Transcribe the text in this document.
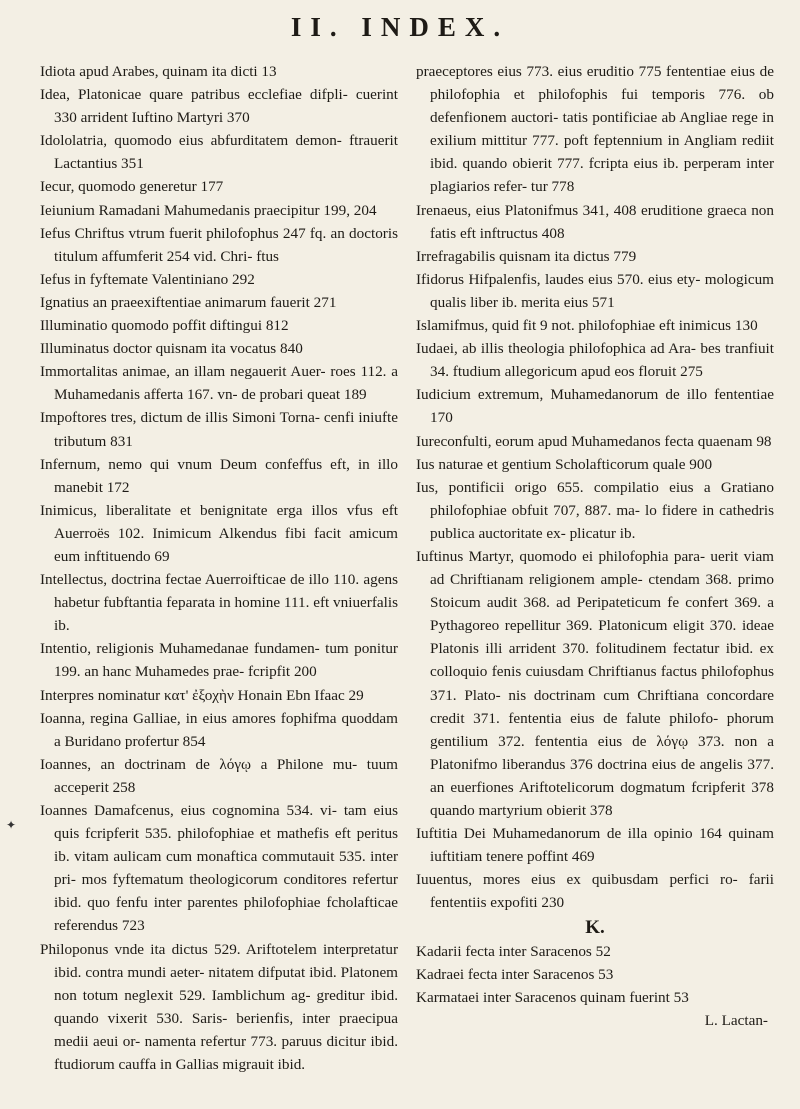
II. INDEX.
Idiota apud Arabes, quinam ita dicti 13
Idea, Platonicae quare patribus ecclefiae difpli- cuerint 330 arrident Iuftino Martyri 370
Idololatria, quomodo eius abfurditatem demon- ftrauerit Lactantius 351
Iecur, quomodo generetur 177
Ieiunium Ramadani Mahumedanis praecipitur 199, 204
Iefus Chriftus vtrum fuerit philofophus 247 fq. an doctoris titulum affumferit 254 vid. Chri- ftus
Iefus in fyftemate Valentiniano 292
Ignatius an praeexiftentiae animarum fauerit 271
Illuminatio quomodo poffit diftingui 812
Illuminatus doctor quisnam ita vocatus 840
Immortalitas animae, an illam negauerit Auer- roes 112. a Muhamedanis afferta 167. vn- de probari queat 189
Impoftores tres, dictum de illis Simoni Torna- cenfi iniufte tributum 831
Infernum, nemo qui vnum Deum confeffus eft, in illo manebit 172
Inimicus, liberalitate et benignitate erga illos vfus eft Auerroës 102. Inimicum Alkendus fibi facit amicum eum inftituendo 69
Intellectus, doctrina fectae Auerroifticae de illo 110. agens habetur fubftantia feparata in homine 111. eft vniuerfalis ib.
Intentio, religionis Muhamedanae fundamen- tum ponitur 199. an hanc Muhamedes prae- fcripfit 200
Interpres nominatur κατ' ἐξοχὴν Honain Ebn Ifaac 29
Ioanna, regina Galliae, in eius amores fophifma quoddam a Buridano profertur 854
Ioannes, an doctrinam de λόγῳ a Philone mu- tuum acceperit 258
Ioannes Damafcenus, eius cognomina 534. vi- tam eius quis fcripferit 535. philofophiae et mathefis eft peritus ib. vitam aulicam cum monaftica commutauit 535. inter pri- mos fyftematum theologicorum conditores refertur ibid. quo fenfu inter parentes philofophiae fcholafticae referendus 723
Philoponus vnde ita dictus 529. Ariftotelem interpretatur ibid. contra mundi aeter- nitatem difputat ibid. Platonem non totum neglexit 529. Iamblichum ag- greditur ibid. quando vixerit 530. Saris- berienfis, inter praecipua medii aeui or- namenta refertur 773. paruus dicitur ibid. ftudiorum cauffa in Gallias migrauit ibid.
praeceptores eius 773. eius eruditio 775 fententiae eius de philofophia et philofophis fui temporis 776. ob defenfionem auctori- tatis pontificiae ab Angliae rege in exilium mittitur 777. poft feptennium in Angliam rediit ibid. quando obierit 777. fcripta eius ib. perperam inter plagiarios refer- tur 778
Irenaeus, eius Platonifmus 341, 408 eruditione graeca non fatis eft inftructus 408
Irrefragabilis quisnam ita dictus 779
Ifidorus Hifpalenfis, laudes eius 570. eius ety- mologicum qualis liber ib. merita eius 571
Islamifmus, quid fit 9 not. philofophiae eft inimicus 130
Iudaei, ab illis theologia philofophica ad Ara- bes tranfiuit 34. ftudium allegoricum apud eos floruit 275
Iudicium extremum, Muhamedanorum de illo fententiae 170
Iureconfulti, eorum apud Muhamedanos fecta quaenam 98
Ius naturae et gentium Scholafticorum quale 900
Ius, pontificii origo 655. compilatio eius a Gratiano philofophiae obfuit 707, 887. ma- lo fidere in cathedris publica auctoritate ex- plicatur ib.
Iuftinus Martyr, quomodo ei philofophia para- uerit viam ad Chriftianam religionem ample- ctendam 368. primo Stoicum audit 368. ad Peripateticum fe confert 369. a Pythagoreo repellitur 369. Platonicum eligit 370. ideae Platonis illi arrident 370. folitudinem fectatur ibid. ex colloquio fenis cuiusdam Chriftianus factus philofophus 371. Plato- nis doctrinam cum Chriftiana concordare credit 371. fententia eius de falute philofo- phorum gentilium 372. fententia eius de λόγῳ 373. non a Platonifmo liberandus 376 doctrina eius de angelis 377. an euerfiones Ariftotelicorum dogmatum fcripferit 378 quando martyrium obierit 378
Iuftitia Dei Muhamedanorum de illa opinio 164 quinam iuftitiam tenere poffint 469
Iuuentus, mores eius ex quibusdam perfici ro- farii fententiis expofiti 230
K.
Kadarii fecta inter Saracenos 52
Kadraei fecta inter Saracenos 53
Karmataei inter Saracenos quinam fuerint 53
L. Lactan-
✦
